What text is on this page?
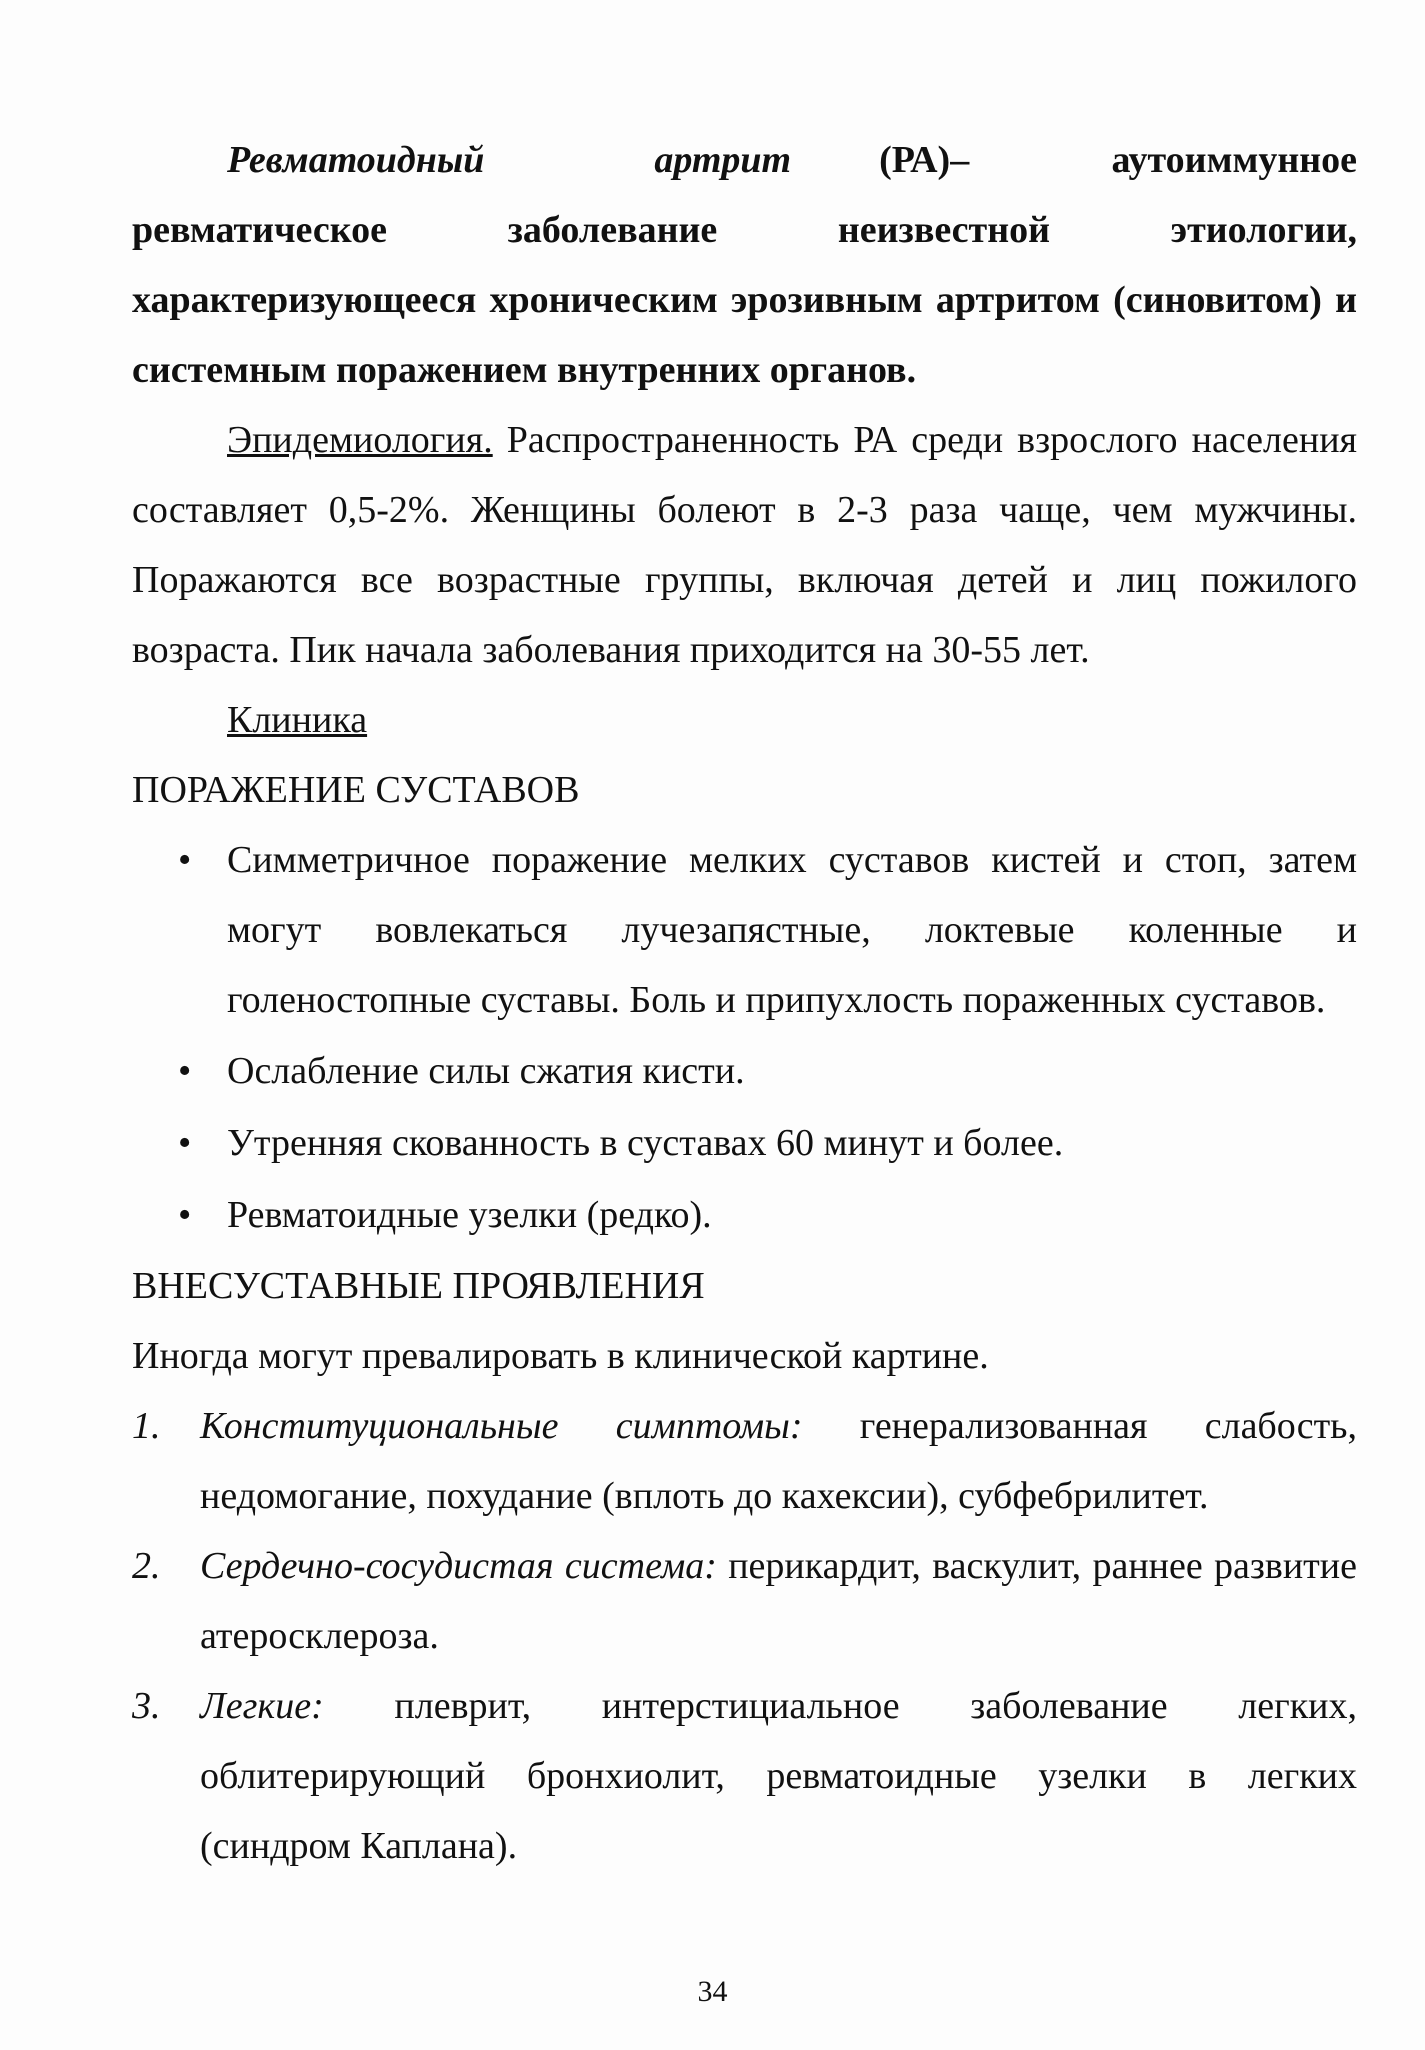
Ревматоидный	артрит (РА)–	аутоиммунное ревматическое заболевание неизвестной этиологии, характеризующееся хроническим эрозивным артритом (синовитом) и системным поражением внутренних органов.

Эпидемиология. Распространенность РА среди взрослого населения составляет 0,5-2%. Женщины болеют в 2-3 раза чаще, чем мужчины. Поражаются все возрастные группы, включая детей и лиц пожилого возраста. Пик начала заболевания приходится на 30-55 лет.

Клиника
ПОРАЖЕНИЕ СУСТАВОВ
• Симметричное поражение мелких суставов кистей и стоп, затем могут вовлекаться лучезапястные, локтевые коленные и голеностопные суставы. Боль и припухлость пораженных суставов.
• Ослабление силы сжатия кисти.
• Утренняя скованность в суставах 60 минут и более.
• Ревматоидные узелки (редко).
ВНЕСУСТАВНЫЕ ПРОЯВЛЕНИЯ

Иногда могут превалировать в клинической картине.

1. Конституциональные симптомы: генерализованная слабость, недомогание, похудание (вплоть до кахексии), субфебрилитет.
2. Сердечно-сосудистая система: перикардит, васкулит, раннее развитие атеросклероза.
3. Легкие: плеврит, интерстициальное заболевание легких, облитерирующий бронхиолит, ревматоидные узелки в легких (синдром Каплана).
34
